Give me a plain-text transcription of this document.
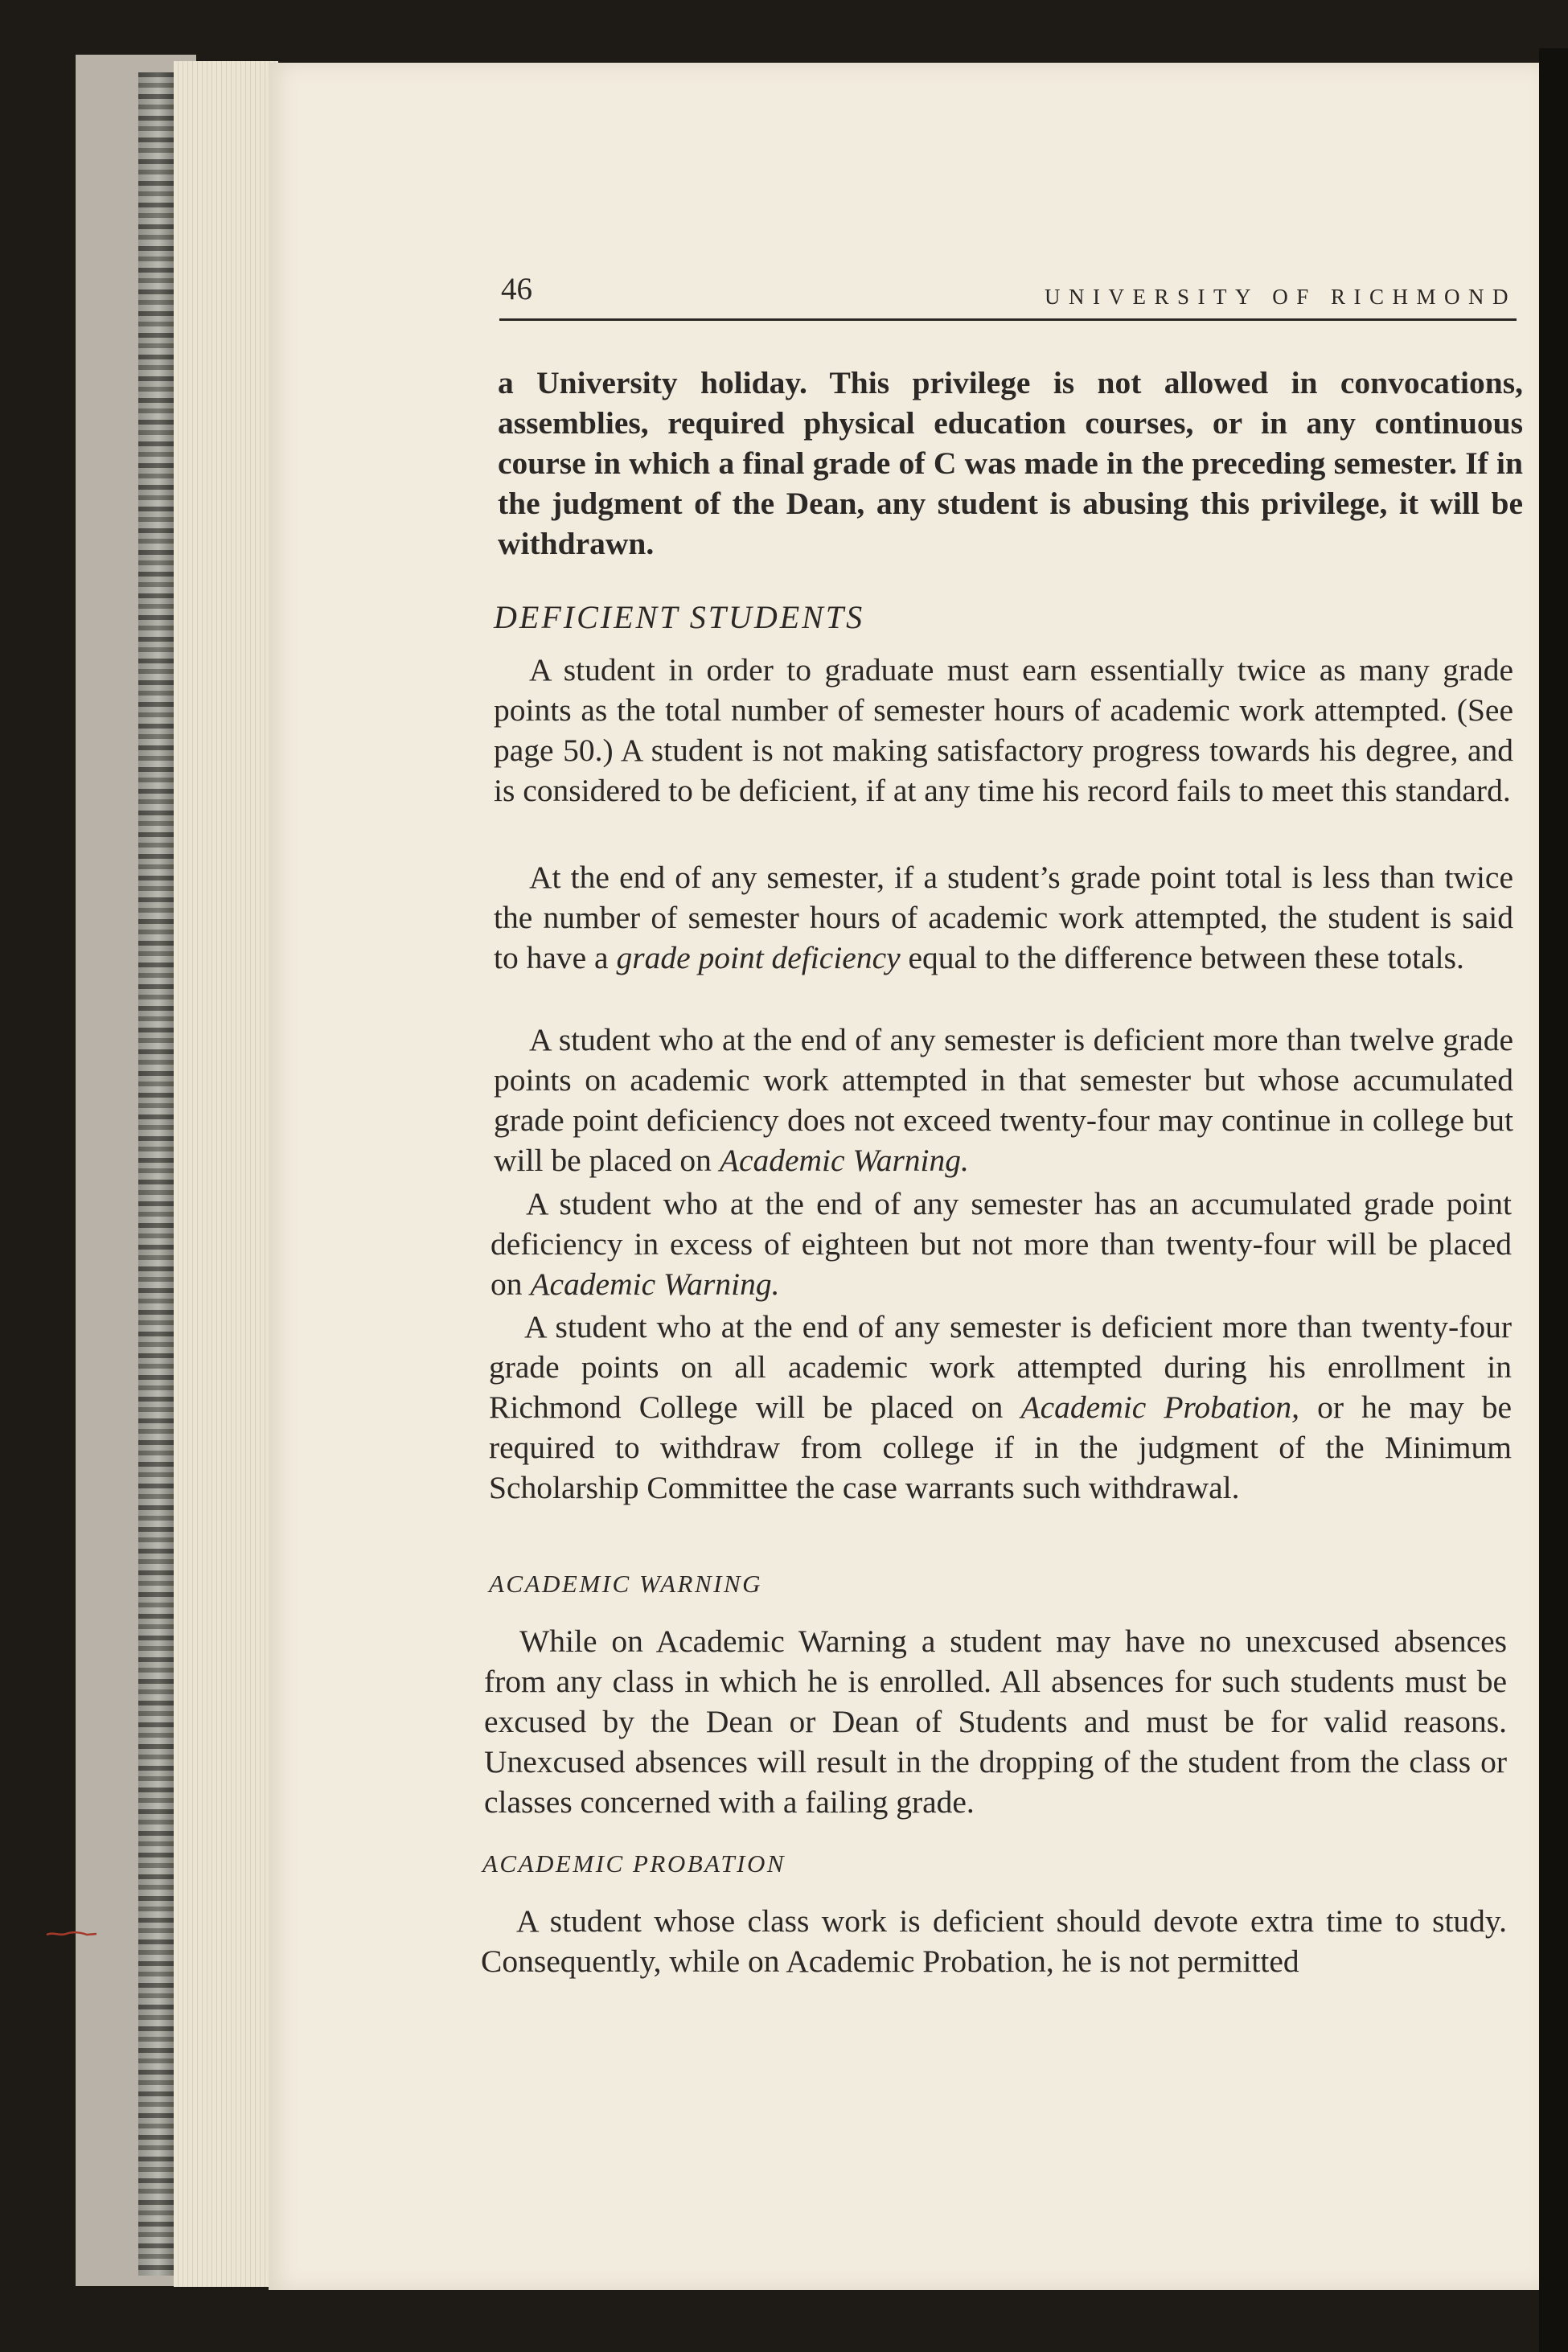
46	UNIVERSITY OF RICHMOND

a University holiday. This privilege is not allowed in convocations, assemblies, required physical education courses, or in any continuous course in which a final grade of C was made in the preceding semester. If in the judgment of the Dean, any student is abusing this privilege, it will be withdrawn.

DEFICIENT STUDENTS

A student in order to graduate must earn essentially twice as many grade points as the total number of semester hours of academic work attempted. (See page 50.) A student is not making satisfactory progress towards his degree, and is considered to be deficient, if at any time his record fails to meet this standard.

At the end of any semester, if a student’s grade point total is less than twice the number of semester hours of academic work attempted, the student is said to have a grade point deficiency equal to the difference between these totals.

A student who at the end of any semester is deficient more than twelve grade points on academic work attempted in that semester but whose accumulated grade point deficiency does not exceed twenty-four may continue in college but will be placed on Academic Warning.

A student who at the end of any semester has an accumulated grade point deficiency in excess of eighteen but not more than twenty-four will be placed on Academic Warning.

A student who at the end of any semester is deficient more than twenty-four grade points on all academic work attempted during his enrollment in Richmond College will be placed on Academic Probation, or he may be required to withdraw from college if in the judgment of the Minimum Scholarship Committee the case warrants such withdrawal.

ACADEMIC WARNING

While on Academic Warning a student may have no unexcused absences from any class in which he is enrolled. All absences for such students must be excused by the Dean or Dean of Students and must be for valid reasons. Unexcused absences will result in the dropping of the student from the class or classes concerned with a failing grade.

ACADEMIC PROBATION

A student whose class work is deficient should devote extra time to study. Consequently, while on Academic Probation, he is not permitted
